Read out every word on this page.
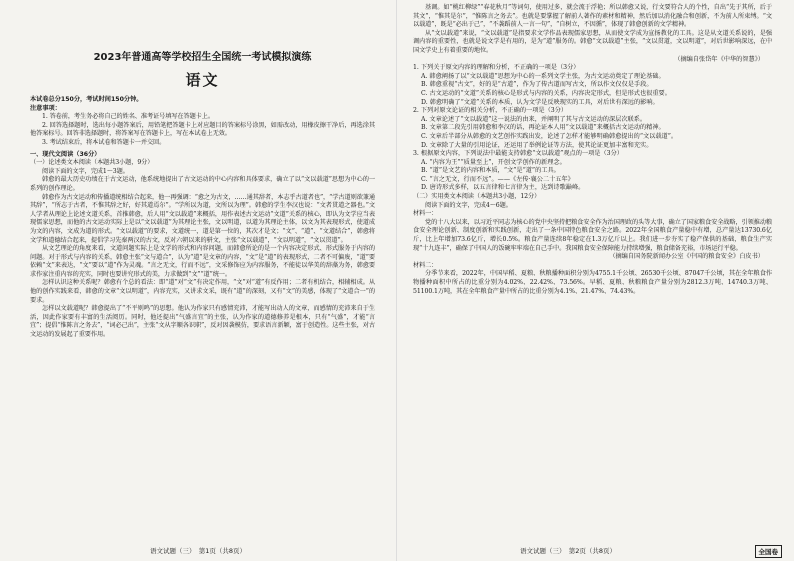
2023年普通高等学校招生全国统一考试模拟演练

语文

本试卷总分150分，考试时间150分钟。

注意事项：

1. 答卷前，考生务必将自己的姓名、准考证号填写在答题卡上。

2. 回答选择题时，选出每小题答案后，用铅笔把答题卡上对应题目的答案标号涂黑，如需改动，用橡皮擦干净后，再选涂其他答案标号。回答非选择题时，将答案写在答题卡上，写在本试卷上无效。

3. 考试结束后，将本试卷和答题卡一并交回。

一、现代文阅读（36分）

（一）论述类文本阅读（本题共3小题，9分）

阅读下面的文字，完成1～3题。

韩愈的最大历史功绩在于古文运动，他系统地提出了古文运动的中心内容和具体要求，确立了以“文以载道”思想为中心的一系列的创作理论。

韩愈作为古文运动和传播道统相结合起来，他一再强调：“愈之为古文，……通其辞者，本志乎古道者也”，“学古道则欲兼通其辞”，“所志于古者，不惟其辞之好，好其道焉尔”。“学所以为道，文所以为理”。韩愈的学生李汉也说：“文者贯道之器也。”文人学者从理论上论述文道关系，首推韩愈，后人用“文以载道”来概括，用作表述古文运动“文道”关系的核心，即认为文学应当表现儒家思想，而他的古文运动实际上是以“文以载道”为其理论主张，文以明道，以道为其理论主体，以文为其表现形式，使道成为文的内容，文成为道的形式。“文以载道”的要求，文道统一，道是第一位的，其次才是文；“文”、“道”、“文道结合”，韩愈将文学和道德结合起来，提倡学习先秦两汉的古文，反对六朝以来的骈文，主张“文以载道”，“文以明道”，“文以贯道”。

从文艺理论的角度来看，文道问题实际上是文学的形式和内容问题，而韩愈所论的是一个内容决定形式、形式服务于内容的问题。对于形式与内容的关系，韩愈主张“文与道合”，认为“道”是文章的内容，“文”是“道”的表现形式，二者不可偏废，“道”要依赖“文”来表达，“文”要以“道”作为灵魂。“言之无文，行而不远”，文采修饰应为内容服务，不能徒以华美的辞藻为务，韩愈要求作家注重内容的充实，同时也要讲究形式的美，力求做到“文”“道”统一。

怎样认识这种关系呢？韩愈有个总的看法：即“道”对“文”有决定作用，“文”对“道”有反作用；二者有机结合，相辅相成。从他的创作实践来看，韩愈的文章“文以明道”，内容充实，又讲求文采，既有“道”的深刻，又有“文”的美感，体现了“文道合一”的要求。

怎样以文载道呢？韩愈提出了“不平则鸣”的思想。他认为作家只有感情充沛，才能写出动人的文章，而感情的充沛来自于生活，因此作家要有丰富的生活阅历。同时，他还提出“气盛言宜”的主张，认为作家的道德修养是根本，只有“气盛”，才能“言宜”；提倡“惟陈言之务去”，“词必己出”，主张“文从字顺各识职”，反对因袭模仿，要求语言新颖，富于创造性。这些主张，对古文运动的发展起了重要作用。

语文试题（三）　第1页（共8页）

基调。如“桃红柳绿”“春花秋月”等词句，使用过多，就会流于浮艳；所以韩愈又说，行文要符合人的个性，自出“先于其所，后于其文”，“惟其是尔”，“惟陈言之务去”。也就是要掌握了解前人著作的素材和精神，然后加以消化融合和创新，不为前人所束缚。“文以载道”，既是“必出于己”，“不袭蹈前人一言一句”，“自树立，不因循”，体现了韩愈创新的文学精神。

从“文以载道”来说，“文以载道”是指要求文学作品表现儒家思想，从而使文学成为宣扬教化的工具。这是从文道关系说的，是强调内容的重要性，也就是说文学是有用的，是为“道”服务的。韩愈“文以载道”主张，“文以贯道，文以明道”，对后世影响深远，在中国文学史上有着重要的地位。

（摘编自张岱年《中华的智慧》）

1. 下列关于原文内容的理解和分析，不正确的一项是（3分）

A. 韩愈阐扬了以“文以载道”思想为中心的一系列文学主张，为古文运动奠定了理论基础。

B. 韩愈重视“古文”，好的是“古道”，作为了传古道而写古文，所以作文仅仅是手段。

C. 古文运动的“文道”关系的核心是形式与内容的关系，内容决定形式，但是形式也很重要。

D. 韩愈明确了“文道”关系的本质，认为文学是反映现实的工具，对后世有深远的影响。

2. 下列对原文论证的相关分析，不正确的一项是（3分）

A. 文章论述了“文以载道”这一说法的由来，并阐明了其与古文运动的深层次联系。

B. 文章第二段先引用韩愈和李汉的话，再论证本人用“文以载道”来概括古文运动的精神。

C. 文章后半部分从韩愈的文艺创作实践出发，论述了怎样才能够明确韩愈提出的“文以载道”。

D. 文章除了大量的引用论证，还运用了举例论证等方法，使其论证更加丰富和充实。

3. 根据原文内容，下列说法中最能支持韩愈“文以载道”观点的一项是（3分）

A. “内容为王”“质量至上”，开创文学创作的新理念。

B. “道”是文艺的内容和本质，“文”是“道”的工具。

C. “言之无文，行而不远”。——《左传·襄公二十五年》

D. 唐诗形式多样，以五言律和七言律为主，达到诗歌巅峰。

（二）实用类文本阅读（本题共3小题，12分）

阅读下面的文字，完成4～6题。

材料一：

党的十八大以来，以习近平同志为核心的党中央坚持把粮食安全作为治国理政的头等大事，确立了国家粮食安全战略，引领推动粮食安全理论创新、制度创新和实践创新，走出了一条中国特色粮食安全之路。2022年全国粮食产量稳中有增，总产量达13730.6亿斤，比上年增加73.6亿斤，增长0.5%。粮食产量连续8年稳定在1.3万亿斤以上。我们进一步夯实了稳产保供的基础，粮食生产实现“十九连丰”，确保了中国人的饭碗牢牢端在自己手中。我国粮食安全保障能力持续增强，粮食储备充裕，市场运行平稳。

（摘编自国务院新闻办公室《中国的粮食安全》白皮书）

材料二：

分季节来看，2022年，中国早稻、夏粮、秋粮播种面积分别为4755.1千公顷、26530千公顷、87047千公顷，其在全年粮食作物播种面积中所占的比重分别为4.02%、22.42%、73.56%。早稻、夏粮、秋粮粮食产量分别为2812.3万吨、14740.3万吨、51100.1万吨，其在全年粮食产量中所占的比重分别为4.1%、21.47%、74.43%。

语文试题（三）　第2页（共8页）	全国卷
